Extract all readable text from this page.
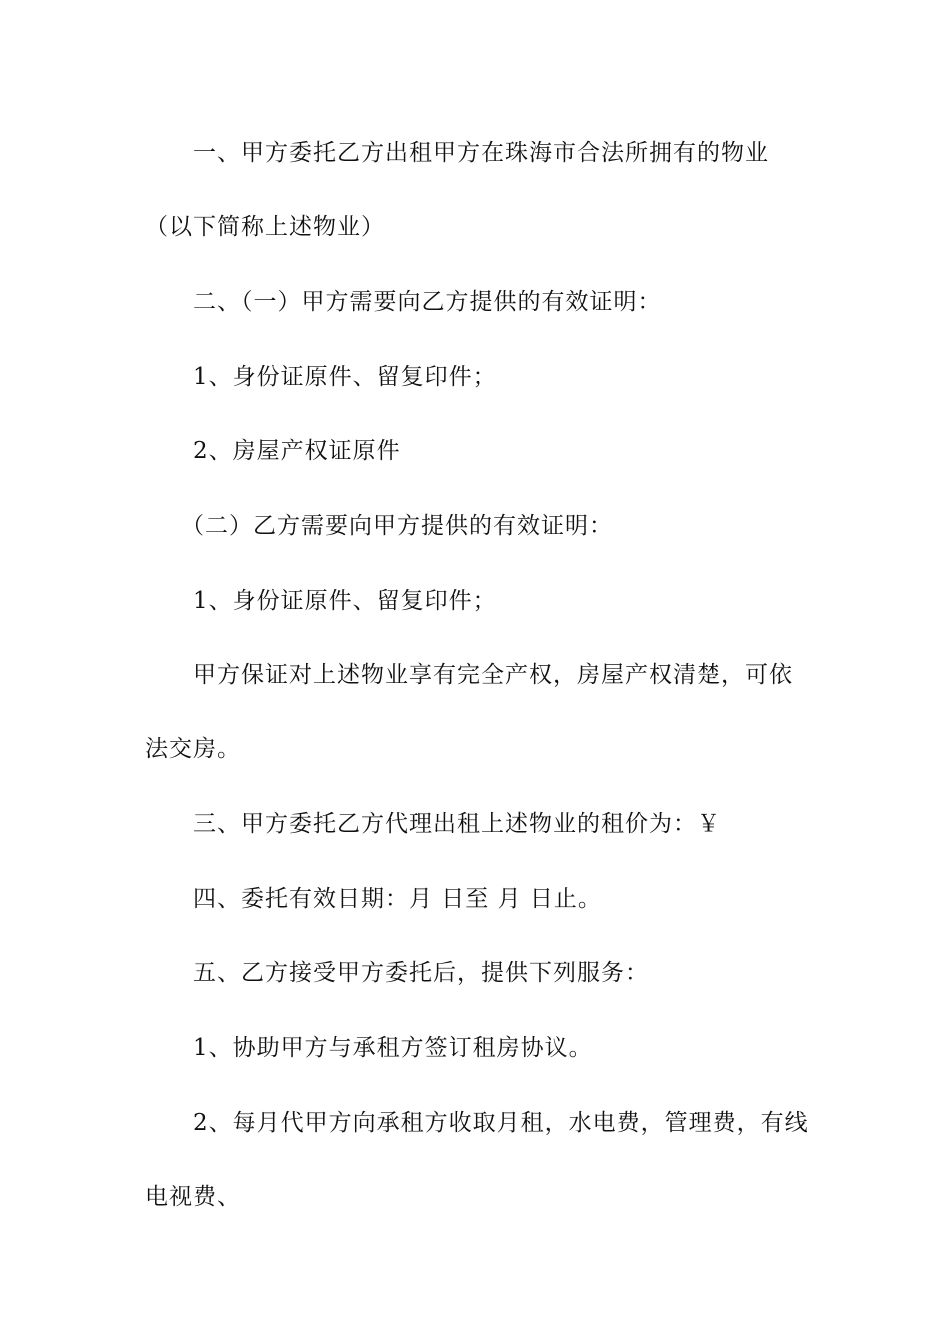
一、甲方委托乙方出租甲方在珠海市合法所拥有的物业
（以下简称上述物业）
二、（一）甲方需要向乙方提供的有效证明：
1、身份证原件、留复印件；
2、房屋产权证原件
（二）乙方需要向甲方提供的有效证明：
1、身份证原件、留复印件；
甲方保证对上述物业享有完全产权，房屋产权清楚，可依
法交房。
三、甲方委托乙方代理出租上述物业的租价为：￥
四、委托有效日期：月 日至 月 日止。
五、乙方接受甲方委托后，提供下列服务：
1、协助甲方与承租方签订租房协议。
2、每月代甲方向承租方收取月租，水电费，管理费，有线
电视费、
